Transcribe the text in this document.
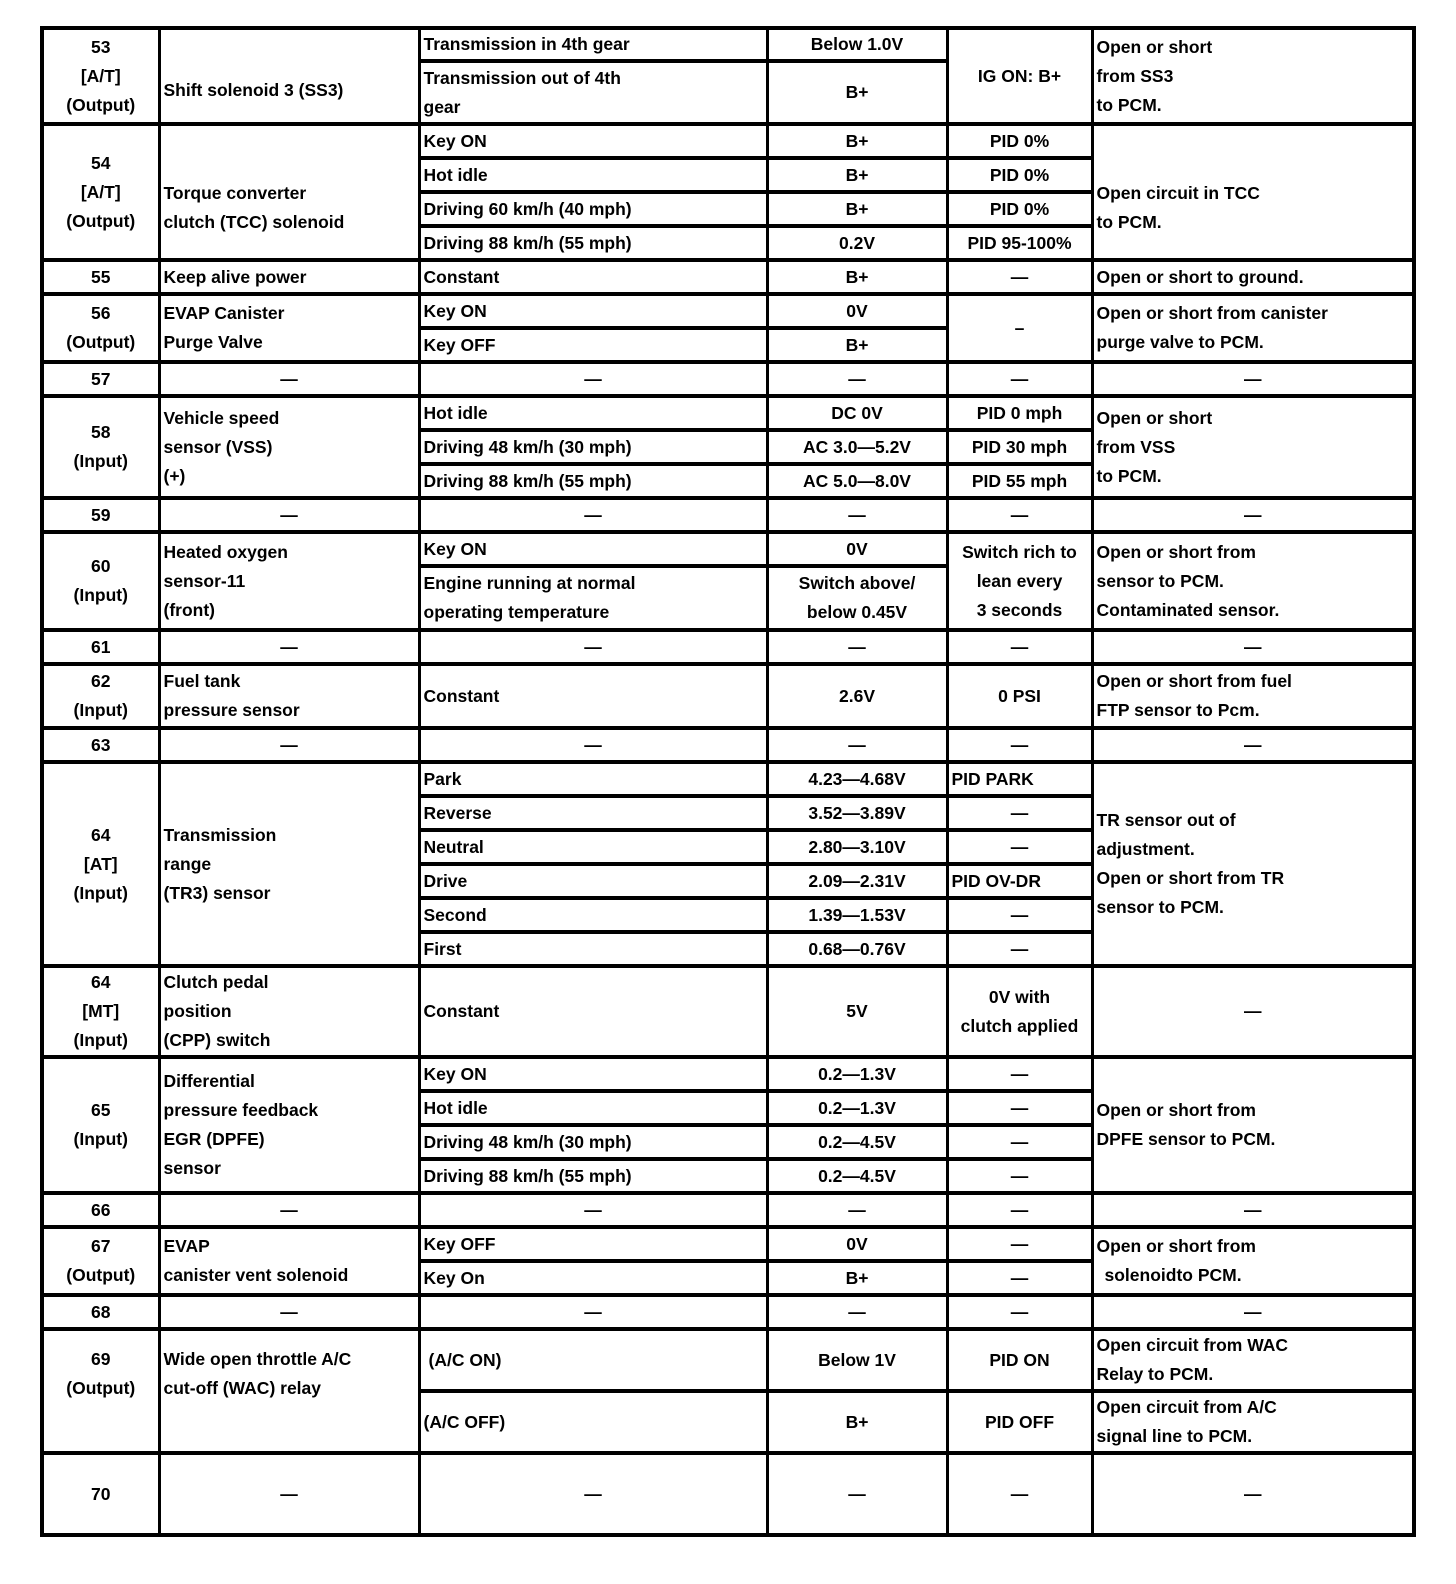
53
[A/T]
(Output)	Shift solenoid 3 (SS3)	Transmission in 4th gear	Below 1.0V	IG ON: B+	Open or short
from SS3
to PCM.

		Transmission out of 4th
gear	B+		

54
[A/T]
(Output)	Torque converter
clutch (TCC) solenoid	Key ON	B+	PID 0%	Open circuit in TCC
to PCM.

		Hot idle	B+	PID 0%	
		Driving 60 km/h (40 mph)	B+	PID 0%	
		Driving 88 km/h (55 mph)	0.2V	PID 95-100%	
55	Keep alive power	Constant	B+	—	Open or short to ground.

56
(Output)	EVAP Canister
Purge Valve	Key ON	0V	–	Open or short from canister
purge valve to PCM.

		Key OFF	B+		
57	—	—	—	—	—

58
(Input)	Vehicle speed
sensor (VSS)
(+)	Hot idle	DC 0V	PID 0 mph	Open or short
from VSS
to PCM.

		Driving 48 km/h (30 mph)	AC 3.0—5.2V	PID 30 mph	
		Driving 88 km/h (55 mph)	AC 5.0—8.0V	PID 55 mph	
59	—	—	—	—	—

60
(Input)	Heated oxygen
sensor-11
(front)	Key ON	0V	Switch rich to
lean every
3 seconds	Open or short from
sensor to PCM.
Contaminated sensor.

		Engine running at normal
operating temperature	Switch above/
below 0.45V		

61	—	—	—	—	—

62
(Input)	Fuel tank
pressure sensor	Constant	2.6V	0 PSI	Open or short from fuel
FTP sensor to Pcm.

63	—	—	—	—	—

64
[AT]
(Input)	Transmission
range
(TR3) sensor	Park	4.23—4.68V	PID PARK	TR sensor out of
adjustment.
Open or short from TR
sensor to PCM.

		Reverse	3.52—3.89V	—	
		Neutral	2.80—3.10V	—	
		Drive	2.09—2.31V	PID OV-DR	
		Second	1.39—1.53V	—	
		First	0.68—0.76V	—	

64
[MT]
(Input)	Clutch pedal
position
(CPP) switch	Constant	5V	0V with
clutch applied	—

65
(Input)	Differential
pressure feedback
EGR (DPFE)
sensor	Key ON	0.2—1.3V	—	Open or short from
DPFE sensor to PCM.

		Hot idle	0.2—1.3V	—	
		Driving 48 km/h (30 mph)	0.2—4.5V	—	
		Driving 88 km/h (55 mph)	0.2—4.5V	—	
66	—	—	—	—	—

67
(Output)	EVAP
canister vent solenoid	Key OFF	0V	—	Open or short from
solenoidto PCM.

		Key On	B+	—	
68	—	—	—	—	—

69
(Output)	Wide open throttle A/C
cut-off (WAC) relay	(A/C ON)	Below 1V	PID ON	Open circuit from WAC
Relay to PCM.

		(A/C OFF)	B+	PID OFF	Open circuit from A/C
signal line to PCM.

70	—	—	—	—	—
